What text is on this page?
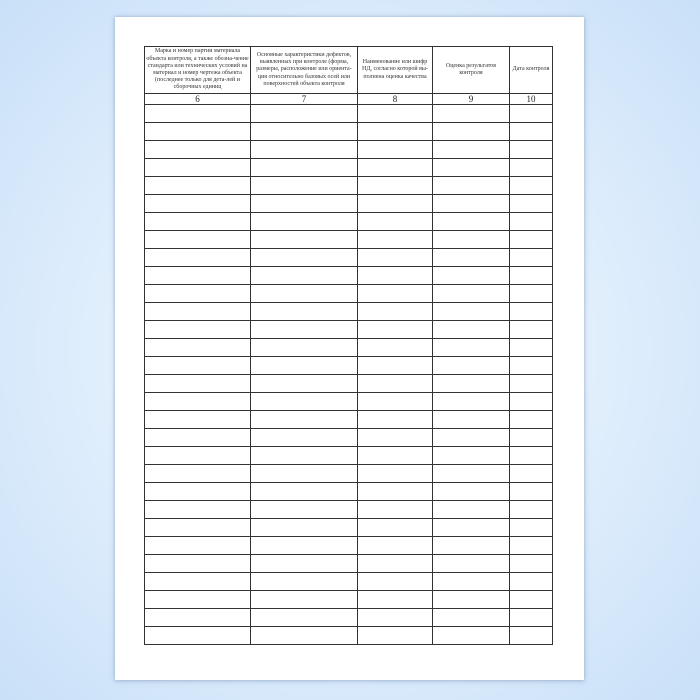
Марка и номер партии материала объекта контроля, а также обозна-чение стандарта или технических условий на материал и номер чертежа объекта (последнее только для дета-лей и сборочных единиц	Основные характеристики дефектов, выявленных при контроле (форма, размеры, расположение или ориента-ция относительно базовых осей или поверхностей объекта контроля	Наименование или шифр НД, согласно которой вы-полнена оценка качества	Оценка результатов контроля	Дата контроля
6	7	8	9	10
